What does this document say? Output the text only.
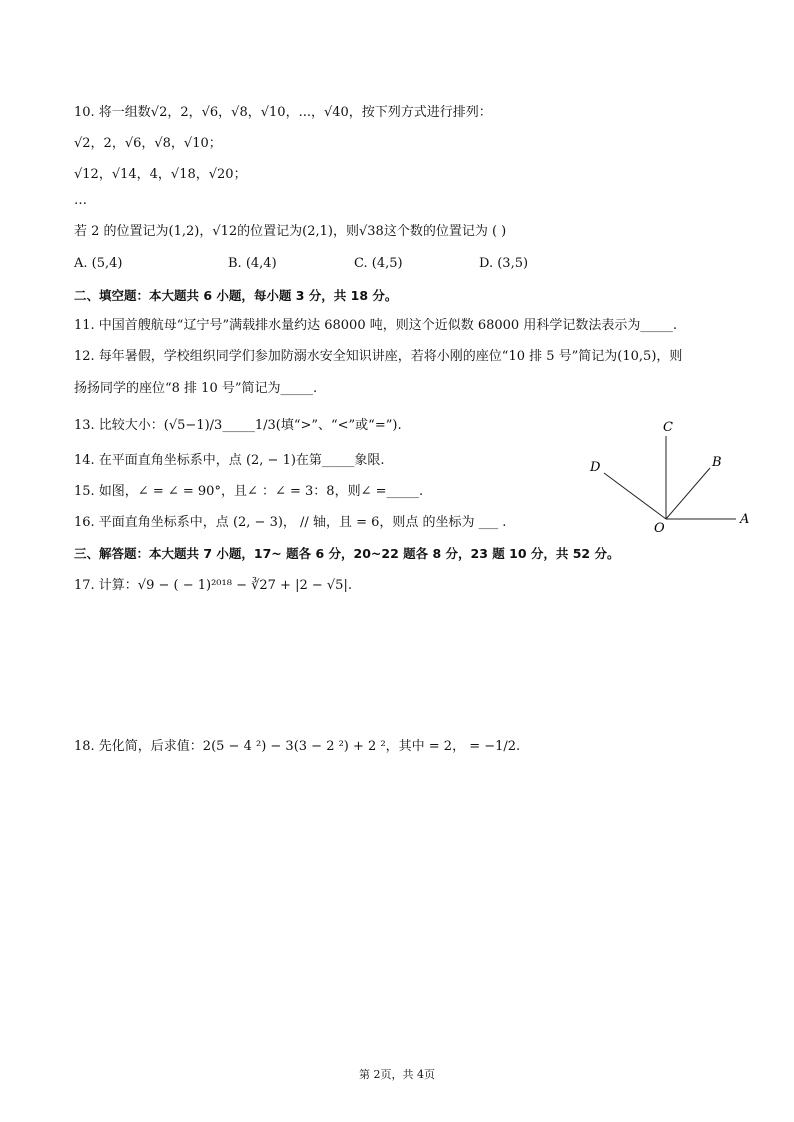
10. 将一组数√2，2，√6，√8，√10，...，√40，按下列方式进行排列：
√2，2，√6，√8，√10；
√12，√14，4，√18，√20；
…
若 2 的位置记为(1,2)，√12的位置记为(2,1)，则√38这个数的位置记为 ( )
A. (5,4)	B. (4,4)	C. (4,5)	D. (3,5)
二、填空题：本大题共 6 小题，每小题 3 分，共 18 分。
11. 中国首艘航母“辽宁号”满载排水量约达 68000 吨，则这个近似数 68000 用科学记数法表示为_____.
12. 每年暑假，学校组织同学们参加防溺水安全知识讲座，若将小刚的座位“10 排 5 号”简记为(10,5)，则
扬扬同学的座位“8 排 10 号”简记为_____.
13. 比较大小：(√5−1)/3_____1/3(填“>”、“<”或“=”).
14. 在平面直角坐标系中，点 (2, − 1)在第_____象限.
15. 如图，∠ = ∠ = 90°，且∠ ：∠ = 3：8，则∠ =_____.
16. 平面直角坐标系中，点 (2, − 3)， // 轴，且 = 6，则点 的坐标为 ___ .
三、解答题：本大题共 7 小题，17~ 题各 6 分，20~22 题各 8 分，23 题 10 分，共 52 分。
17. 计算：√9 − ( − 1)²⁰¹⁸ − ∛27 + |2 − √5|.
18. 先化简，后求值：2(5 − 4 ²) − 3(3 − 2 ²) + 2 ²，其中 = 2， = −1/2.
C
B
D
A
O
第 2页，共 4页
